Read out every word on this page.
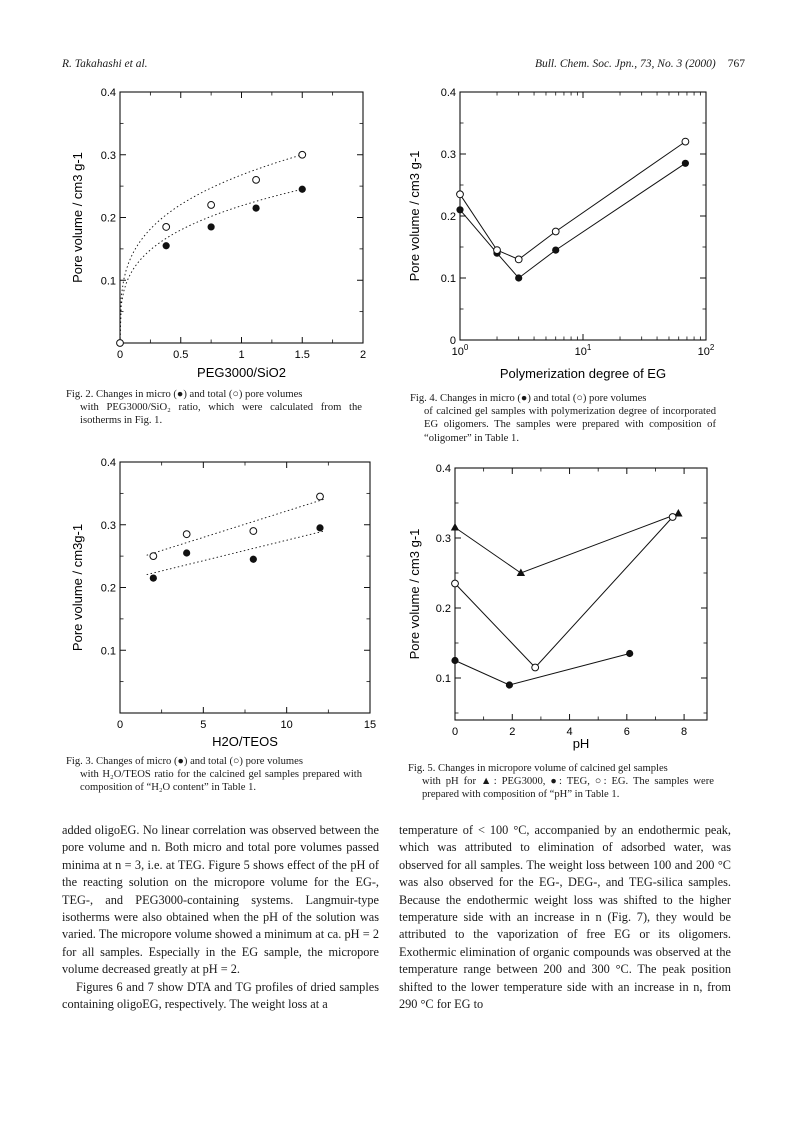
R. Takahashi et al.	Bull. Chem. Soc. Jpn., 73, No. 3 (2000) 767
0	0.5	1	1.5	2
0.1
0.2
0.3
0.4
PEG3000/SiO2
Pore volume / cm3 g-1
Fig. 2. Changes in micro (●) and total (○) pore volumes
with PEG3000/SiO₂ ratio, which were calculated from the isotherms in Fig. 1.
0	5	10	15
0.1
0.2
0.3
0.4
H2O/TEOS
Pore volume / cm3g-1
Fig. 3. Changes of micro (●) and total (○) pore volumes
with H₂O/TEOS ratio for the calcined gel samples prepared with composition of “H₂O content” in Table 1.
$10^0$	$10^1$	$10^2$
0
0.1
0.2
0.3
0.4
Polymerization degree of EG
Pore volume / cm3 g-1
Fig. 4. Changes in micro (●) and total (○) pore volumes
of calcined gel samples with polymerization degree of incorporated EG oligomers. The samples were prepared with composition of “oligomer” in Table 1.
0	2	4	6	8
0.1
0.2
0.3
0.4
pH
Pore volume / cm3 g-1
Fig. 5. Changes in micropore volume of calcined gel samples
with pH for ▲: PEG3000, ●: TEG, ○: EG. The samples were prepared with composition of “pH” in Table 1.

added oligoEG. No linear correlation was observed between the pore volume and n. Both micro and total pore volumes passed minima at n = 3, i.e. at TEG. Figure 5 shows effect of the pH of the reacting solution on the micropore volume for the EG-, TEG-, and PEG3000-containing systems. Langmuir-type isotherms were also obtained when the pH of the solution was varied. The micropore volume showed a minimum at ca. pH = 2 for all samples. Especially in the EG sample, the micropore volume decreased greatly at pH = 2.

Figures 6 and 7 show DTA and TG profiles of dried samples containing oligoEG, respectively. The weight loss at a

temperature of < 100 °C, accompanied by an endothermic peak, which was attributed to elimination of adsorbed water, was observed for all samples. The weight loss between 100 and 200 °C was also observed for the EG-, DEG-, and TEG-silica samples. Because the endothermic weight loss was shifted to the higher temperature side with an increase in n (Fig. 7), they would be attributed to the vaporization of free EG or its oligomers. Exothermic elimination of organic compounds was observed at the temperature range between 200 and 300 °C. The peak position shifted to the lower temperature side with an increase in n, from 290 °C for EG to
